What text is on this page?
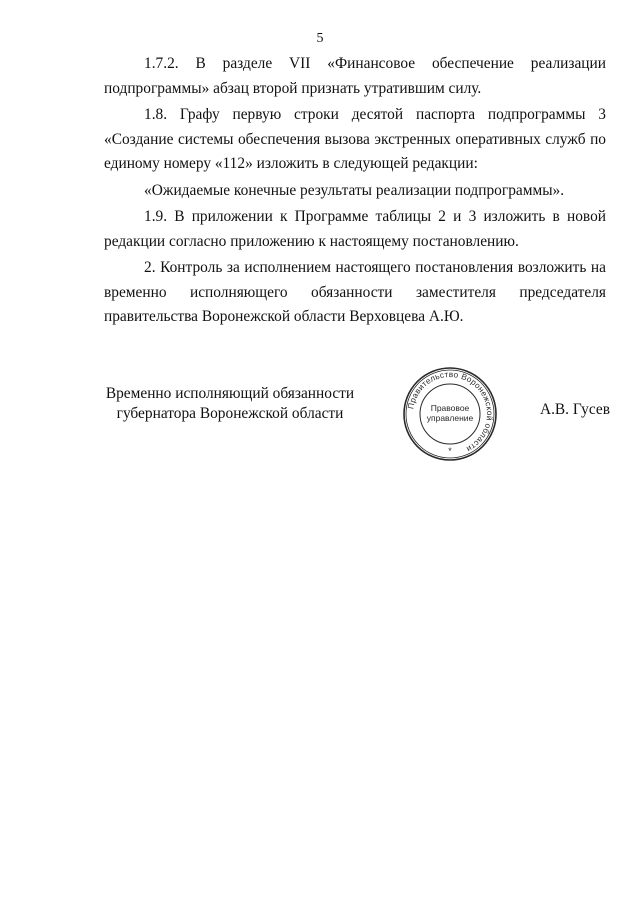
5

1.7.2. В разделе VII «Финансовое обеспечение реализации подпрограммы» абзац второй признать утратившим силу.

1.8. Графу первую строки десятой паспорта подпрограммы 3 «Создание системы обеспечения вызова экстренных оперативных служб по единому номеру «112» изложить в следующей редакции:

«Ожидаемые конечные результаты реализации подпрограммы».

1.9. В приложении к Программе таблицы 2 и 3 изложить в новой редакции согласно приложению к настоящему постановлению.

2. Контроль за исполнением настоящего постановления возложить на временно исполняющего обязанности заместителя председателя правительства Воронежской области Верховцева А.Ю.

Временно исполняющий обязанности
губернатора Воронежской области	Правительство Воронежской области
Правовое
управление
*
А.В. Гусев
